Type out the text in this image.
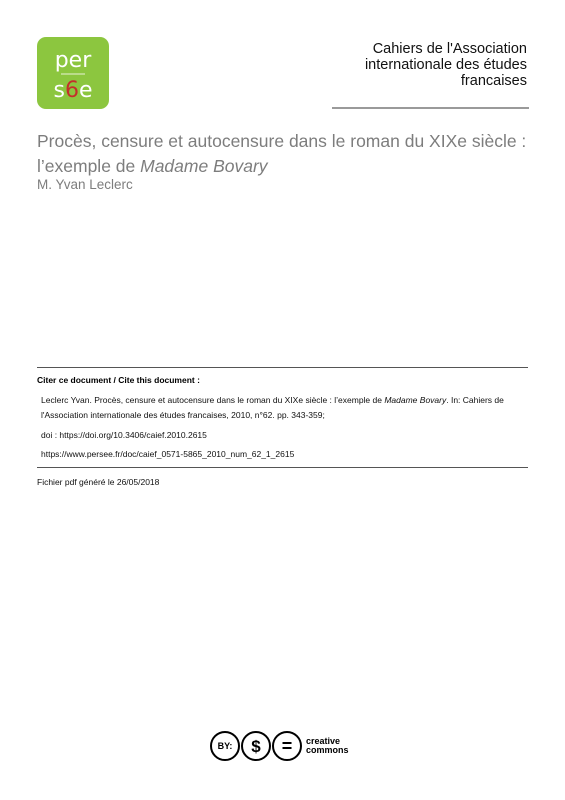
per
s6e
Cahiers de l'Association
internationale des études
francaises
Procès, censure et autocensure dans le roman du XIXe siècle :
l’exemple de Madame Bovary
M. Yvan Leclerc
Citer ce document / Cite this document :
Leclerc Yvan. Procès, censure et autocensure dans le roman du XIXe siècle : l’exemple de Madame Bovary. In: Cahiers de l'Association internationale des études francaises, 2010, n°62. pp. 343-359;
doi : https://doi.org/10.3406/caief.2010.2615
https://www.persee.fr/doc/caief_0571-5865_2010_num_62_1_2615
Fichier pdf généré le 26/05/2018
BY:	$ = creative
commons
